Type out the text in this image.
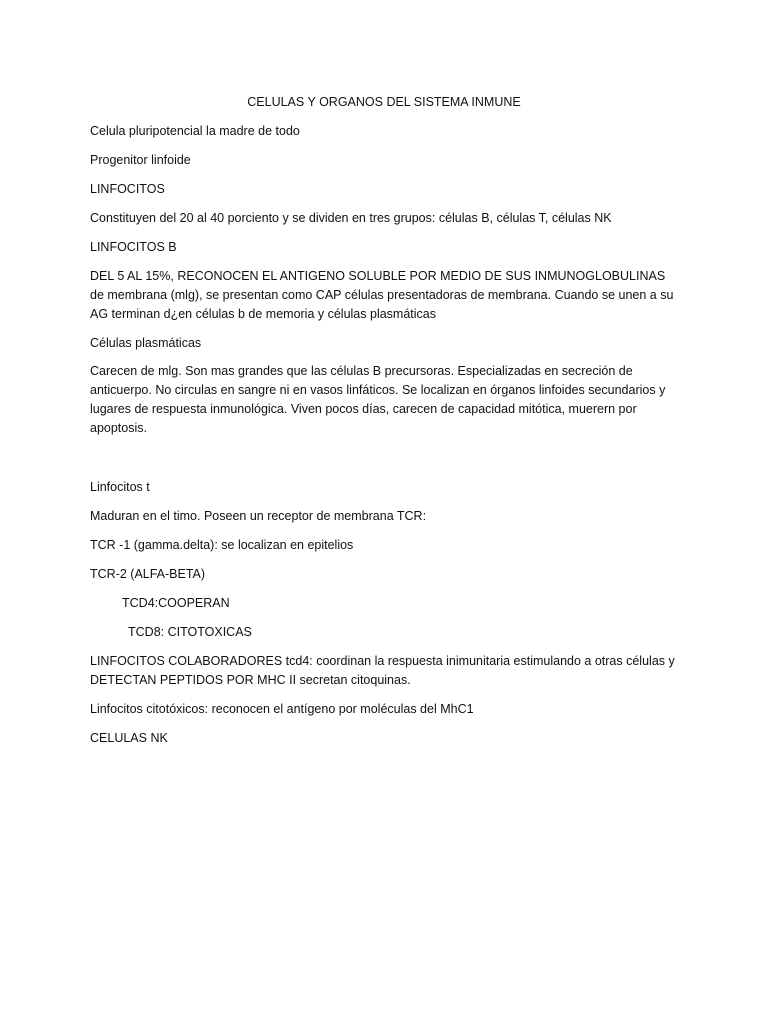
CELULAS Y ORGANOS DEL SISTEMA INMUNE

Celula pluripotencial la madre de todo

Progenitor linfoide

LINFOCITOS

Constituyen del 20 al 40 porciento y se dividen en tres grupos: células B, células T, células NK

LINFOCITOS B

DEL 5 AL 15%, RECONOCEN EL ANTIGENO SOLUBLE POR MEDIO DE SUS INMUNOGLOBULINAS de membrana (mlg), se presentan como CAP células presentadoras de membrana. Cuando se unen a su AG terminan d¿en células b de memoria y células plasmáticas

Células plasmáticas

Carecen de mlg. Son mas grandes que las células B precursoras. Especializadas en secreción de anticuerpo. No circulas en sangre ni en vasos linfáticos. Se localizan en órganos linfoides secundarios y lugares de respuesta inmunológica. Viven pocos días, carecen de capacidad mitótica, muerern por apoptosis.

Linfocitos t

Maduran en el timo. Poseen un receptor de membrana TCR:

TCR -1 (gamma.delta): se localizan en epitelios

TCR-2 (ALFA-BETA)

TCD4:COOPERAN

TCD8: CITOTOXICAS

LINFOCITOS COLABORADORES tcd4: coordinan la respuesta inimunitaria estimulando a otras células y DETECTAN PEPTIDOS POR MHC II secretan citoquinas.

Linfocitos citotóxicos: reconocen el antígeno por moléculas del MhC1

CELULAS NK
